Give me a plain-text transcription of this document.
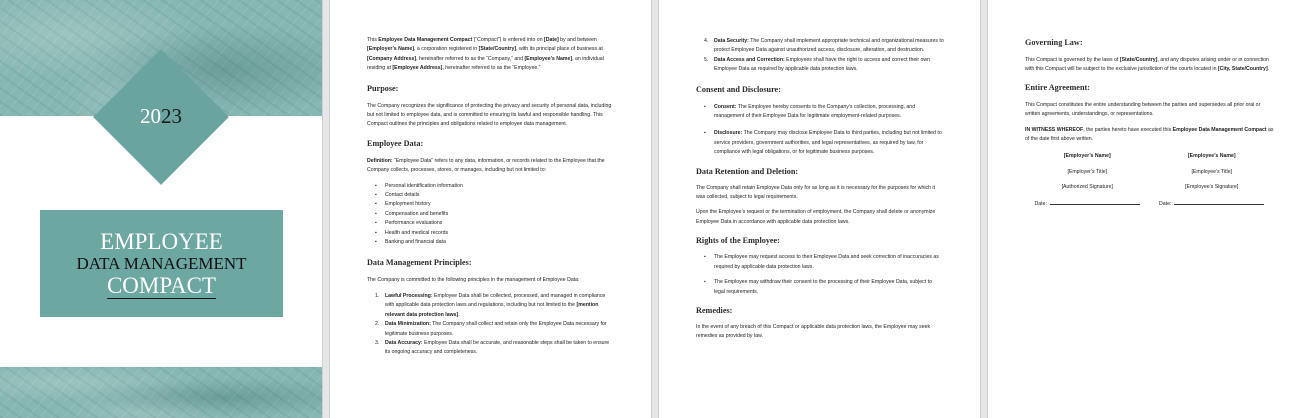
2023
EMPLOYEE
DATA MANAGEMENT
COMPACT

This Employee Data Management Compact (“Compact”) is entered into on [Date] by and between [Employer’s Name], a corporation registered in [State/Country], with its principal place of business at [Company Address], hereinafter referred to as the “Company,” and [Employee’s Name], an individual residing at [Employee Address], hereinafter referred to as the “Employee.”

Purpose:

The Company recognizes the significance of protecting the privacy and security of personal data, including but not limited to employee data, and is committed to ensuring its lawful and responsible handling. This Compact outlines the principles and obligations related to employee data management.

Employee Data:

Definition: “Employee Data” refers to any data, information, or records related to the Employee that the Company collects, processes, stores, or manages, including but not limited to:

▪ Personal identification information
▪ Contact details
▪ Employment history
▪ Compensation and benefits
▪ Performance evaluations
▪ Health and medical records
▪ Banking and financial data
Data Management Principles:

The Company is committed to the following principles in the management of Employee Data:

1. Lawful Processing: Employee Data shall be collected, processed, and managed in compliance with applicable data protection laws and regulations, including but not limited to the [mention relevant data protection laws].
2. Data Minimization: The Company shall collect and retain only the Employee Data necessary for legitimate business purposes.
3. Data Accuracy: Employee Data shall be accurate, and reasonable steps shall be taken to ensure its ongoing accuracy and completeness.
4. Data Security: The Company shall implement appropriate technical and organizational measures to protect Employee Data against unauthorized access, disclosure, alteration, and destruction.
5. Data Access and Correction: Employees shall have the right to access and correct their own Employee Data as required by applicable data protection laws.
Consent and Disclosure:
▪ Consent: The Employee hereby consents to the Company’s collection, processing, and management of their Employee Data for legitimate employment-related purposes.
▪ Disclosure: The Company may disclose Employee Data to third parties, including but not limited to service providers, government authorities, and legal representatives, as required by law, for compliance with legal obligations, or for legitimate business purposes.
Data Retention and Deletion:

The Company shall retain Employee Data only for as long as it is necessary for the purposes for which it was collected, subject to legal requirements.

Upon the Employee’s request or the termination of employment, the Company shall delete or anonymize Employee Data in accordance with applicable data protection laws.

Rights of the Employee:
▪ The Employee may request access to their Employee Data and seek correction of inaccuracies as required by applicable data protection laws.
▪ The Employee may withdraw their consent to the processing of their Employee Data, subject to legal requirements.
Remedies:

In the event of any breach of this Compact or applicable data protection laws, the Employee may seek remedies as provided by law.

Governing Law:

This Compact is governed by the laws of [State/Country], and any disputes arising under or in connection with this Compact will be subject to the exclusive jurisdiction of the courts located in [City, State/Country].

Entire Agreement:

This Compact constitutes the entire understanding between the parties and supersedes all prior oral or written agreements, understandings, or representations.

IN WITNESS WHEREOF, the parties hereto have executed this Employee Data Management Compact as of the date first above written.

[Employer’s Name]
[Employer’s Title]
[Authorized Signature]
Date:
[Employee’s Name]
[Employee’s Title]
[Employee’s Signature]
Date:
